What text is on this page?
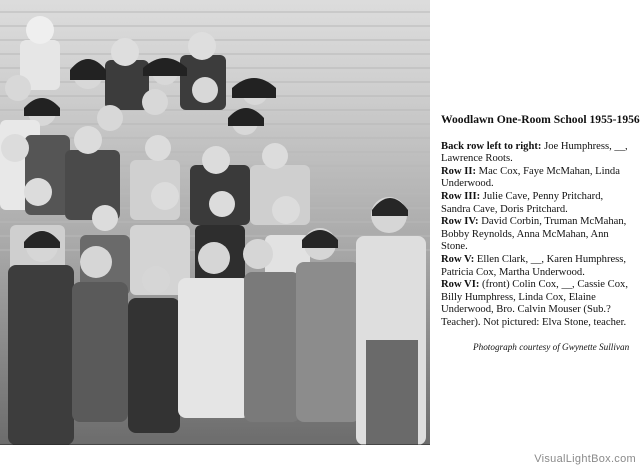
Woodlawn One-Room School 1955-1956
Back row left to right: Joe Humphress, __, Lawrence Roots.
Row II: Mac Cox, Faye McMahan, Linda Underwood.
Row III: Julie Cave, Penny Pritchard, Sandra Cave, Doris Pritchard.
Row IV: David Corbin, Truman McMahan, Bobby Reynolds, Anna McMahan, Ann Stone.
Row V: Ellen Clark, __, Karen Humphress, Patricia Cox, Martha Underwood.
Row VI: (front) Colin Cox, __, Cassie Cox, Billy Humphress, Linda Cox, Elaine Underwood, Bro. Calvin Mouser (Sub.? Teacher). Not pictured: Elva Stone, teacher.
Photograph courtesy of Gwynette Sullivan
VisualLightBox.com
